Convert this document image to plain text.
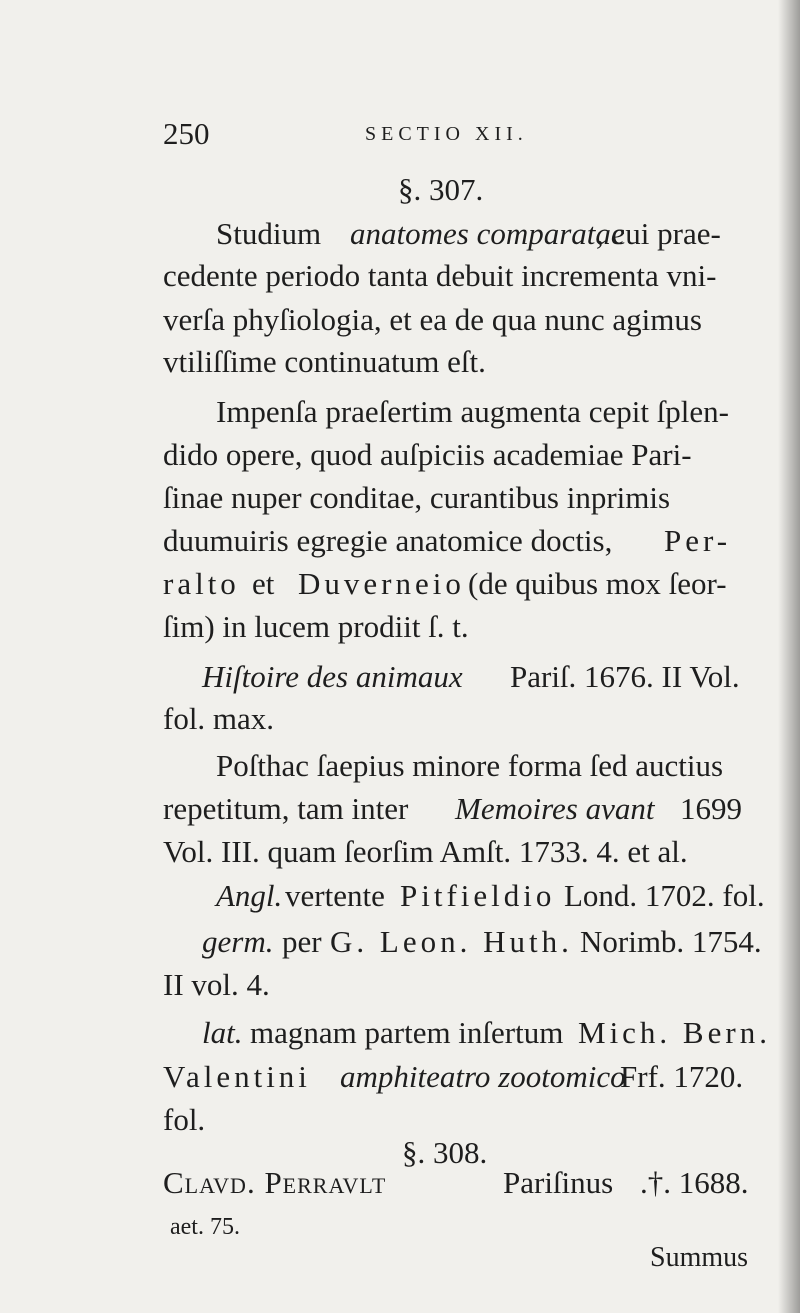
250	SECTIO XII.
§. 307.
Studium anatomes comparatae
, cui prae-
cedente periodo tanta debuit incrementa vni-
verſa phyſiologia, et ea de qua nunc agimus
vtiliſſime continuatum eſt.
Impenſa praeſertim augmenta cepit ſplen-
dido opere, quod auſpiciis academiae Pari-
ſinae nuper conditae, curantibus inprimis
duumuiris egregie anatomice doctis, Per-
ralto et Duverneio (de quibus mox ſeor-
ſim) in lucem prodiit ſ. t.
Hiſtoire des animaux Pariſ. 1676. II Vol.
fol. max.
Poſthac ſaepius minore forma ſed auctius
repetitum, tam inter Memoires avant 1699
Vol. III. quam ſeorſim Amſt. 1733. 4. et al.
Angl. vertente Pitfieldio Lond. 1702. fol.
germ. per G. Leon. Huth. Norimb. 1754.
II vol. 4.
lat. magnam partem inſertum Mich. Bern.
Valentini amphiteatro zootomico
Frf. 1720.
fol.
§. 308.
Clavd. Perravlt	Pariſinus .†. 1688.
aet. 75.
Summus
